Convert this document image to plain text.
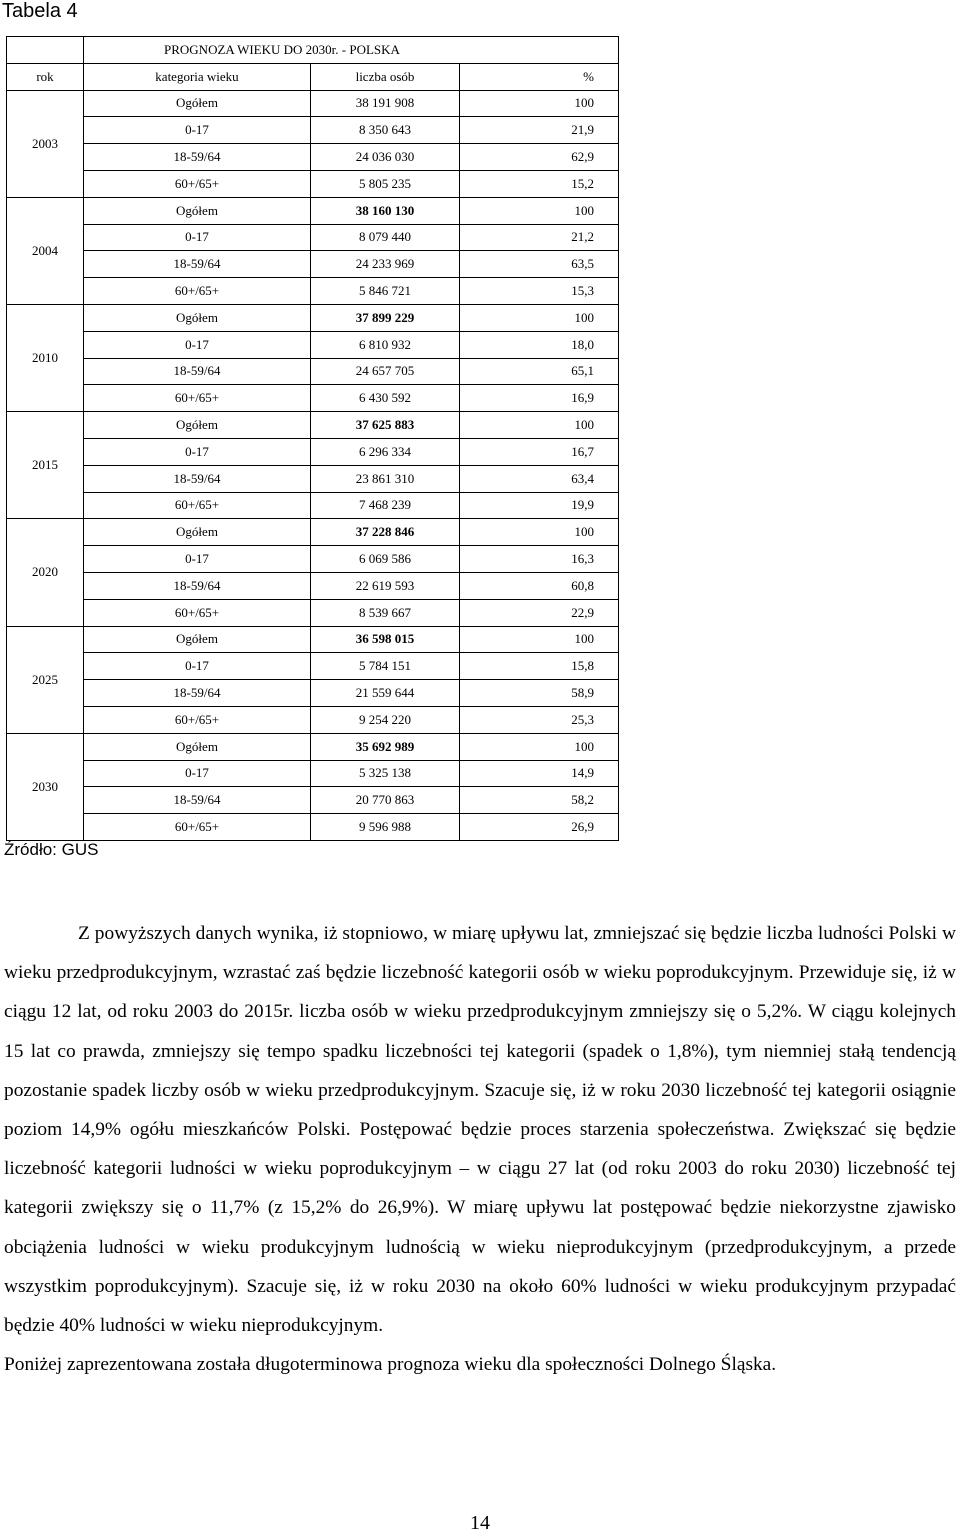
Tabela 4
	PROGNOZA WIEKU DO 2030r. - POLSKA		
rok	kategoria wieku	liczba osób	%
2003	Ogółem	38 191 908	100
	0-17	8 350 643	21,9
	18-59/64	24 036 030	62,9
	60+/65+	5 805 235	15,2
2004	Ogółem	38 160 130	100
	0-17	8 079 440	21,2
	18-59/64	24 233 969	63,5
	60+/65+	5 846 721	15,3
2010	Ogółem	37 899 229	100
	0-17	6 810 932	18,0
	18-59/64	24 657 705	65,1
	60+/65+	6 430 592	16,9
2015	Ogółem	37 625 883	100
	0-17	6 296 334	16,7
	18-59/64	23 861 310	63,4
	60+/65+	7 468 239	19,9
2020	Ogółem	37 228 846	100
	0-17	6 069 586	16,3
	18-59/64	22 619 593	60,8
	60+/65+	8 539 667	22,9
2025	Ogółem	36 598 015	100
	0-17	5 784 151	15,8
	18-59/64	21 559 644	58,9
	60+/65+	9 254 220	25,3
2030	Ogółem	35 692 989	100
	0-17	5 325 138	14,9
	18-59/64	20 770 863	58,2
	60+/65+	9 596 988	26,9
Źródło: GUS

Z powyższych danych wynika, iż stopniowo, w miarę upływu lat, zmniejszać się będzie liczba ludności Polski w wieku przedprodukcyjnym, wzrastać zaś będzie liczebność kategorii osób w wieku poprodukcyjnym. Przewiduje się, iż w ciągu 12 lat, od roku 2003 do 2015r. liczba osób w wieku przedprodukcyjnym zmniejszy się o 5,2%. W ciągu kolejnych 15 lat co prawda, zmniejszy się tempo spadku liczebności tej kategorii (spadek o 1,8%), tym niemniej stałą tendencją pozostanie spadek liczby osób w wieku przedprodukcyjnym. Szacuje się, iż w roku 2030 liczebność tej kategorii osiągnie poziom 14,9% ogółu mieszkańców Polski. Postępować będzie proces starzenia społeczeństwa. Zwiększać się będzie liczebność kategorii ludności w wieku poprodukcyjnym – w ciągu 27 lat (od roku 2003 do roku 2030) liczebność tej kategorii zwiększy się o 11,7% (z 15,2% do 26,9%). W miarę upływu lat postępować będzie niekorzystne zjawisko obciążenia ludności w wieku produkcyjnym ludnością w wieku nieprodukcyjnym (przedprodukcyjnym, a przede wszystkim poprodukcyjnym). Szacuje się, iż w roku 2030 na około 60% ludności w wieku produkcyjnym przypadać będzie 40% ludności w wieku nieprodukcyjnym.

Poniżej zaprezentowana została długoterminowa prognoza wieku dla społeczności Dolnego Śląska.

14
